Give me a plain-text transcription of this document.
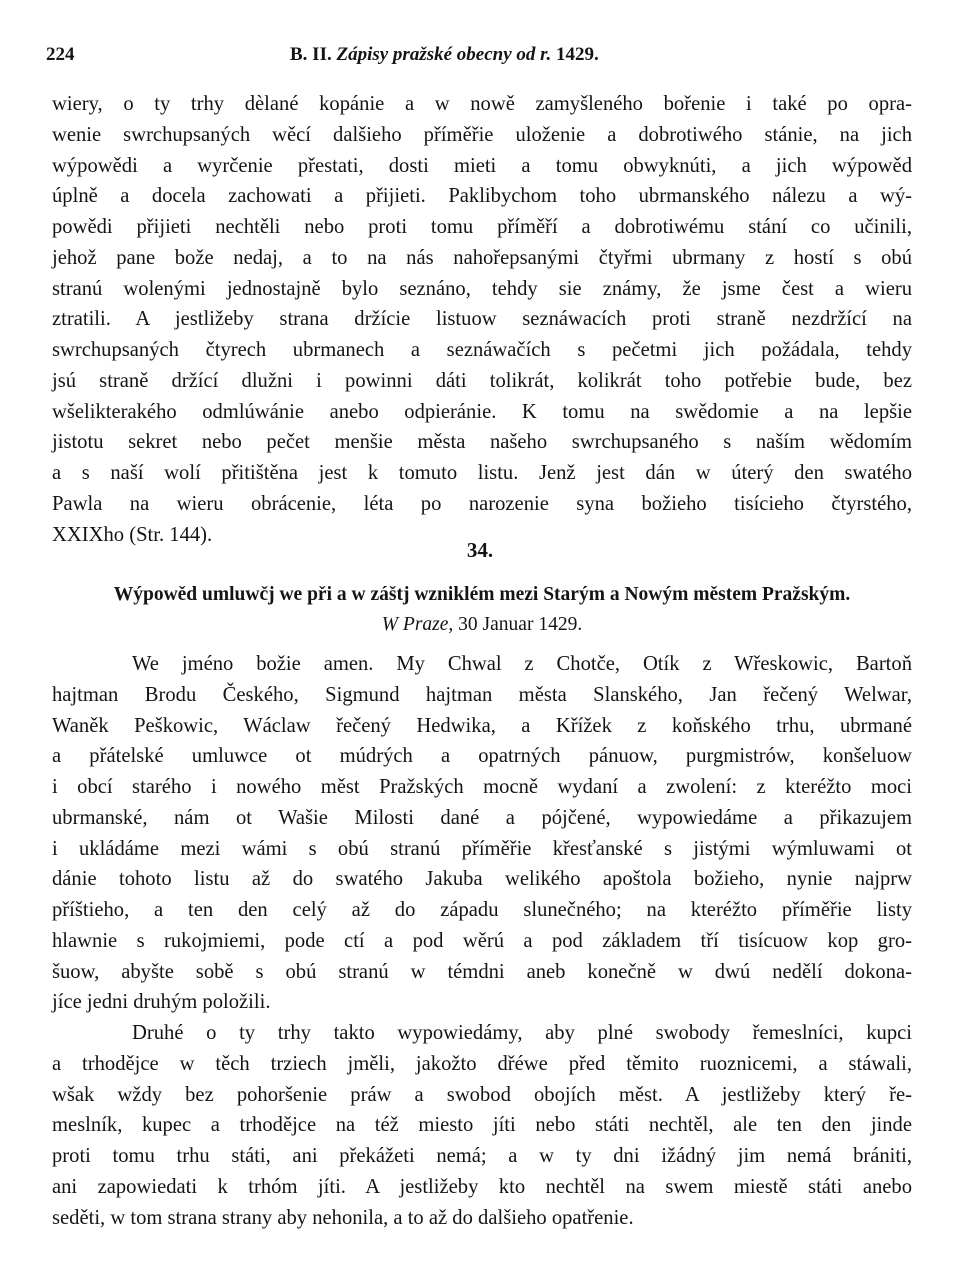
224	B. II. Zápisy pražské obecny od r. 1429.
wiery, o ty trhy dèlané kopánie a w nowě zamyšleného bořenie i také po opra-
wenie swrchupsaných wěcí dalšieho příměřie uloženie a dobrotiwého stánie, na jich
wýpowědi a wyrčenie přestati, dosti mieti a tomu obwyknúti, a jich wýpowěd
úplně a docela zachowati a přijieti. Paklibychom toho ubrmanského nálezu a wý-
powědi přijieti nechtěli nebo proti tomu příměří a dobrotiwému stání co učinili,
jehož pane bože nedaj, a to na nás nahořepsanými čtyřmi ubrmany z hostí s obú
stranú wolenými jednostajně bylo seznáno, tehdy sie známy, že jsme čest a wieru
ztratili. A jestližeby strana držície listuow seznáwacích proti straně nezdržící na
swrchupsaných čtyrech ubrmanech a seznáwačích s pečetmi jich požádala, tehdy
jsú straně držící dlužni i powinni dáti tolikrát, kolikrát toho potřebie bude, bez
wšelikterakého odmlúwánie anebo odpieránie. K tomu na swědomie a na lepšie
jistotu sekret nebo pečet menšie města našeho swrchupsaného s naším wědomím
a s naší wolí přitištěna jest k tomuto listu. Jenž jest dán w úterý den swatého
Pawla na wieru obrácenie, léta po narozenie syna božieho tisícieho čtyrstého,
XXIXho (Str. 144).
34.
Wýpowěd umluwčj we při a w záštj wzniklém mezi Starým a Nowým městem Pražským.
W Praze, 30 Januar 1429.
We jméno božie amen. My Chwal z Chotče, Otík z Wřeskowic, Bartoň
hajtman Brodu Českého, Sigmund hajtman města Slanského, Jan řečený Welwar,
Waněk Peškowic, Wáclaw řečený Hedwika, a Křížek z koňského trhu, ubrmané
a přátelské umluwce ot múdrých a opatrných pánuow, purgmistrów, konšeluow
i obcí starého i nowého měst Pražských mocně wydaní a zwolení: z kteréžto moci
ubrmanské, nám ot Wašie Milosti dané a pójčené, wypowiedáme a přikazujem
i ukládáme mezi wámi s obú stranú příměřie křesťanské s jistými wýmluwami ot
dánie tohoto listu až do swatého Jakuba welikého apoštola božieho, nynie najprw
příštieho, a ten den celý až do západu slunečného; na kteréžto příměřie listy
hlawnie s rukojmiemi, pode ctí a pod wěrú a pod základem tří tisícuow kop gro-
šuow, abyšte sobě s obú stranú w témdni aneb konečně w dwú nedělí dokona-
jíce jedni druhým položili.
Druhé o ty trhy takto wypowiedámy, aby plné swobody řemeslníci, kupci
a trhodějce w těch trziech jměli, jakožto dřéwe před těmito ruoznicemi, a stáwali,
wšak wždy bez pohoršenie práw a swobod obojích měst. A jestližeby který ře-
meslník, kupec a trhodějce na též miesto jíti nebo státi nechtěl, ale ten den jinde
proti tomu trhu státi, ani překážeti nemá; a w ty dni ižádný jim nemá brániti,
ani zapowiedati k trhóm jíti. A jestližeby kto nechtěl na swem miestě státi anebo
seděti, w tom strana strany aby nehonila, a to až do dalšieho opatřenie.
